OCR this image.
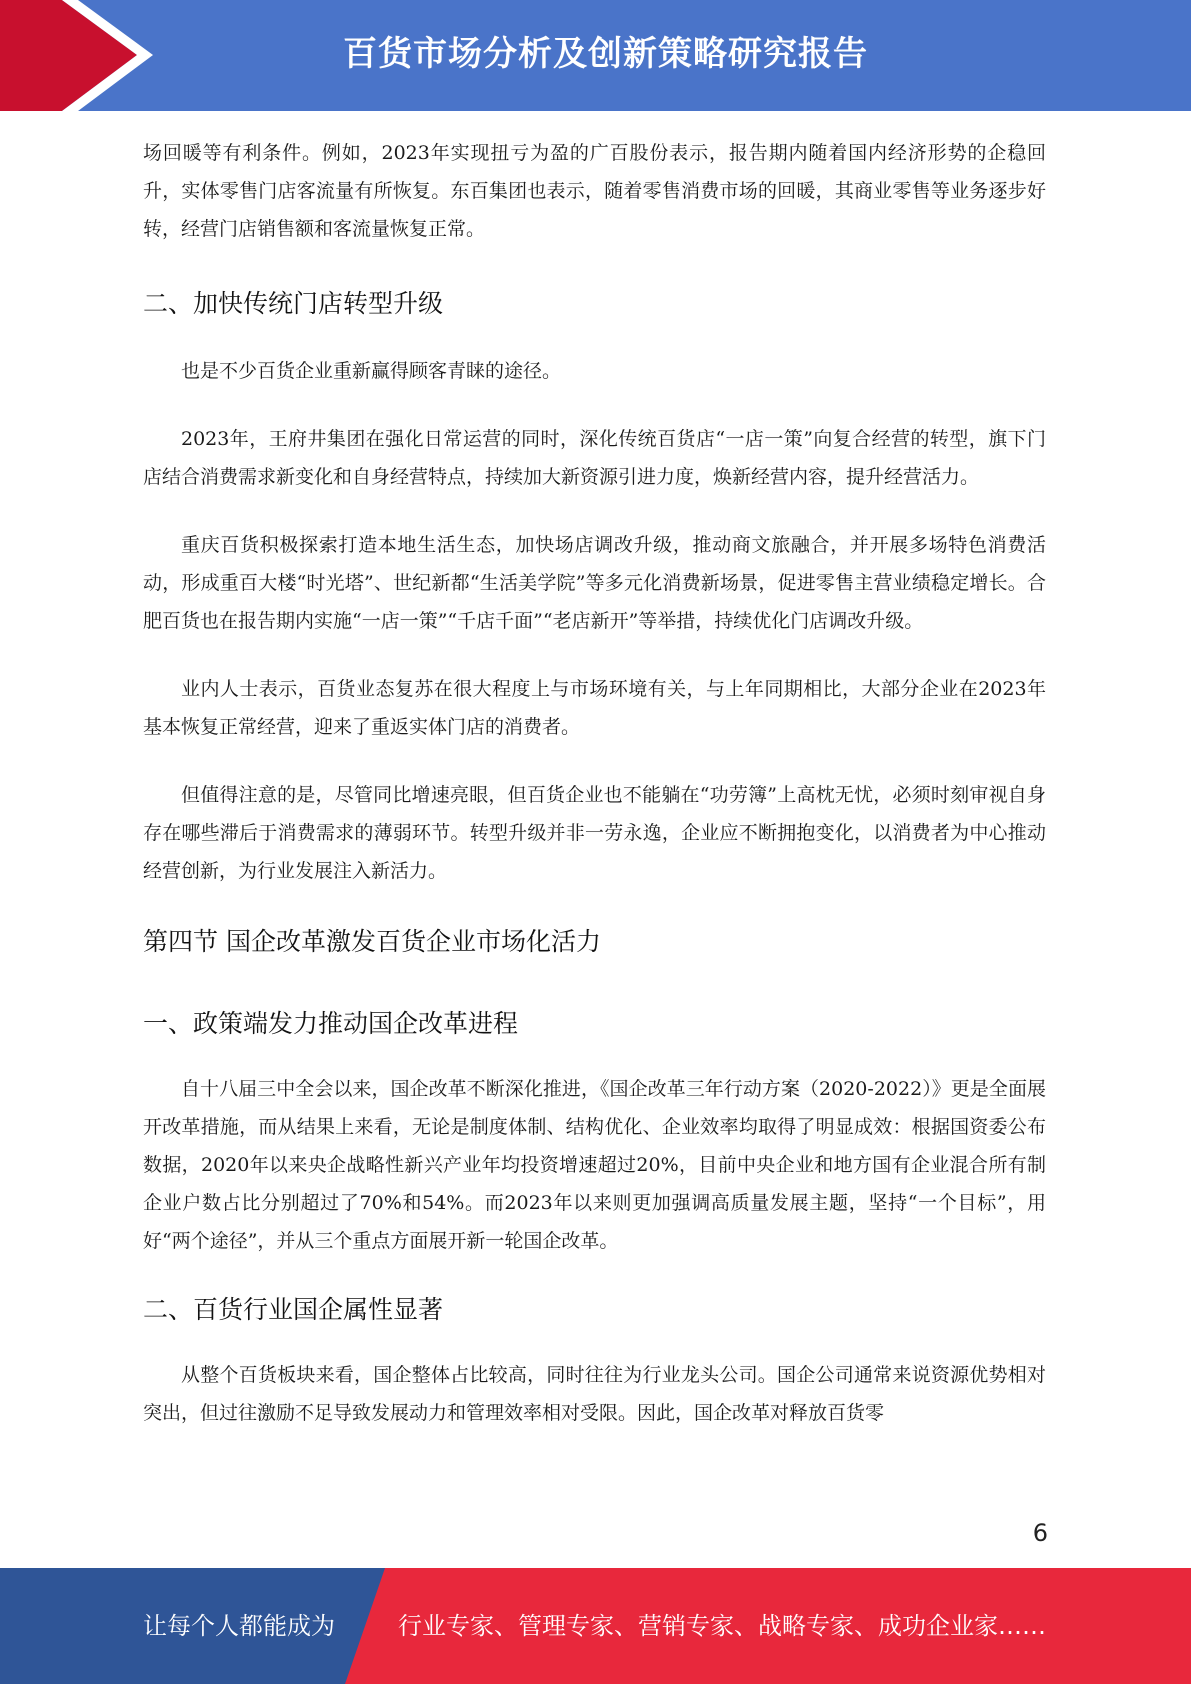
百货市场分析及创新策略研究报告

场回暖等有利条件。例如，2023年实现扭亏为盈的广百股份表示，报告期内随着国内经济形势的企稳回升，实体零售门店客流量有所恢复。东百集团也表示，随着零售消费市场的回暖，其商业零售等业务逐步好转，经营门店销售额和客流量恢复正常。

二、加快传统门店转型升级

也是不少百货企业重新赢得顾客青睐的途径。

2023年，王府井集团在强化日常运营的同时，深化传统百货店“一店一策”向复合经营的转型，旗下门店结合消费需求新变化和自身经营特点，持续加大新资源引进力度，焕新经营内容，提升经营活力。

重庆百货积极探索打造本地生活生态，加快场店调改升级，推动商文旅融合，并开展多场特色消费活动，形成重百大楼“时光塔”、世纪新都“生活美学院”等多元化消费新场景，促进零售主营业绩稳定增长。合肥百货也在报告期内实施“一店一策”“千店千面”“老店新开”等举措，持续优化门店调改升级。

业内人士表示，百货业态复苏在很大程度上与市场环境有关，与上年同期相比，大部分企业在2023年基本恢复正常经营，迎来了重返实体门店的消费者。

但值得注意的是，尽管同比增速亮眼，但百货企业也不能躺在“功劳簿”上高枕无忧，必须时刻审视自身存在哪些滞后于消费需求的薄弱环节。转型升级并非一劳永逸，企业应不断拥抱变化，以消费者为中心推动经营创新，为行业发展注入新活力。

第四节 国企改革激发百货企业市场化活力
一、政策端发力推动国企改革进程

自十八届三中全会以来，国企改革不断深化推进，《国企改革三年行动方案（2020-2022）》更是全面展开改革措施，而从结果上来看，无论是制度体制、结构优化、企业效率均取得了明显成效：根据国资委公布数据，2020年以来央企战略性新兴产业年均投资增速超过20%，目前中央企业和地方国有企业混合所有制企业户数占比分别超过了70%和54%。而2023年以来则更加强调高质量发展主题，坚持“一个目标”，用好“两个途径”，并从三个重点方面展开新一轮国企改革。

二、百货行业国企属性显著

从整个百货板块来看，国企整体占比较高，同时往往为行业龙头公司。国企公司通常来说资源优势相对突出，但过往激励不足导致发展动力和管理效率相对受限。因此，国企改革对释放百货零

6
让每个人都能成为	行业专家、管理专家、营销专家、战略专家、成功企业家……
